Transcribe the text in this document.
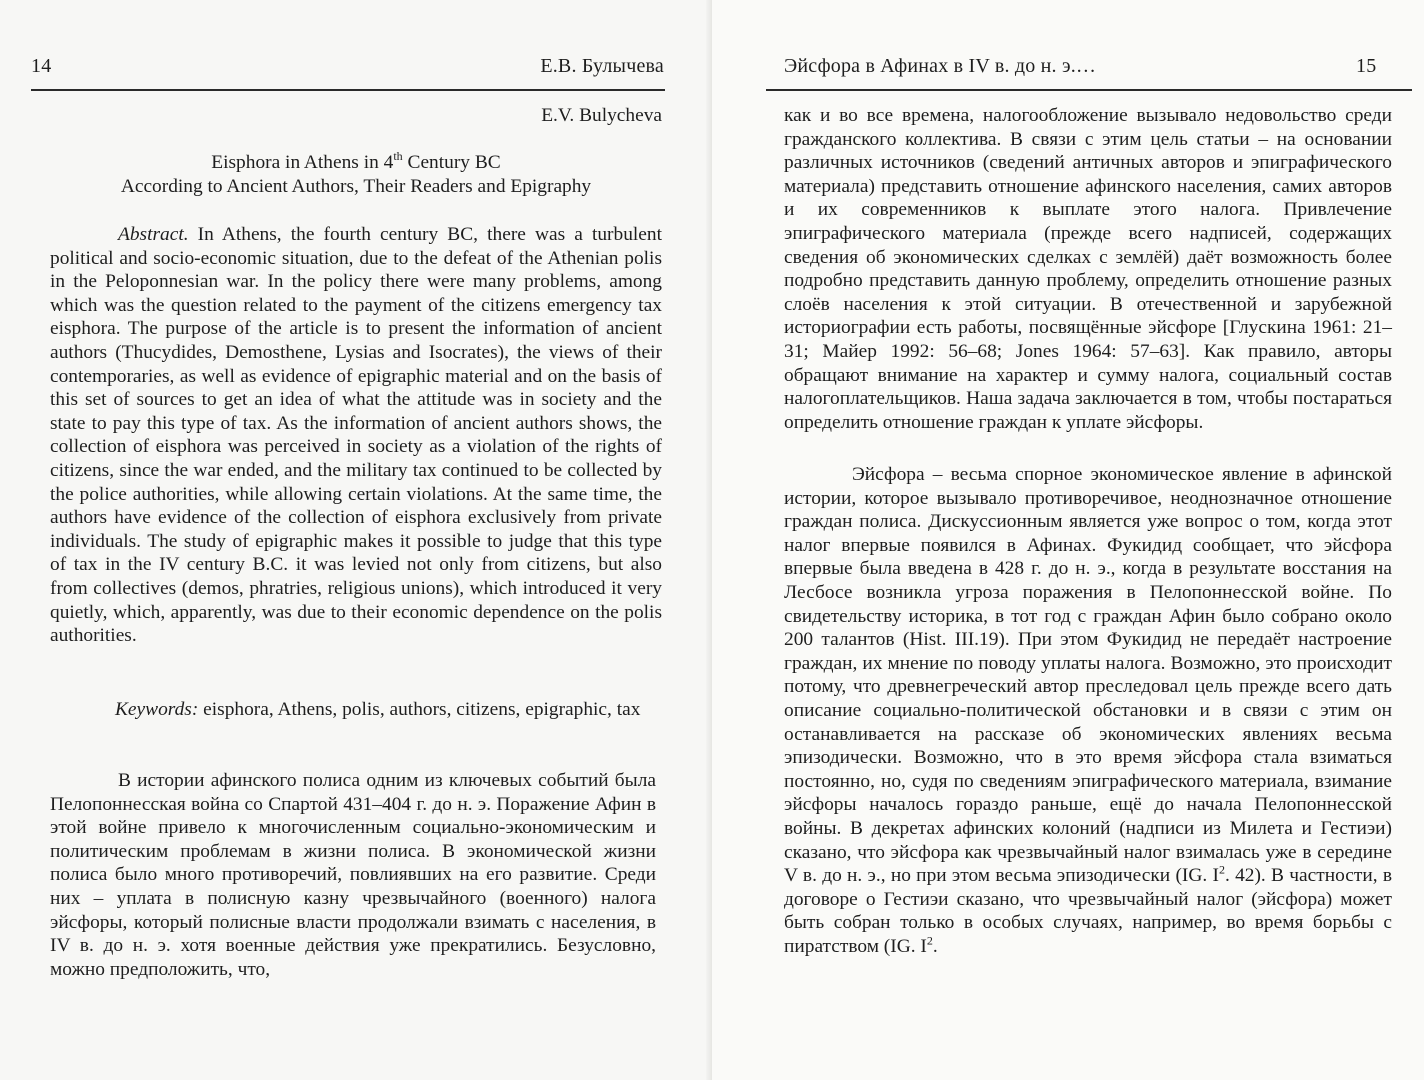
14	Е.В. Булычева
E.V. Bulycheva
Eisphora in Athens in 4th Century BC
According to Ancient Authors, Their Readers and Epigraphy

Abstract. In Athens, the fourth century BC, there was a turbulent political and socio-economic situation, due to the defeat of the Athenian polis in the Peloponnesian war. In the policy there were many problems, among which was the question related to the payment of the citizens emergency tax eisphora. The purpose of the article is to present the information of ancient authors (Thucydides, Demosthene, Lysias and Isocrates), the views of their contemporaries, as well as evidence of epigraphic material and on the basis of this set of sources to get an idea of what the attitude was in society and the state to pay this type of tax. As the information of ancient authors shows, the collection of eisphora was perceived in society as a violation of the rights of citizens, since the war ended, and the military tax continued to be collected by the police authorities, while allowing certain violations. At the same time, the authors have evidence of the collection of eisphora exclusively from private individuals. The study of epigraphic makes it possible to judge that this type of tax in the IV century B.C. it was levied not only from citizens, but also from collectives (demos, phratries, religious unions), which introduced it very quietly, which, apparently, was due to their economic dependence on the polis authorities.

Keywords: eisphora, Athens, polis, authors, citizens, epigraphic, tax

В истории афинского полиса одним из ключевых событий была Пелопоннесская война со Спартой 431–404 г. до н. э. Поражение Афин в этой войне привело к многочисленным социально-экономическим и политическим проблемам в жизни полиса. В экономической жизни полиса было много противоречий, повлиявших на его развитие. Среди них – уплата в полисную казну чрезвычайного (военного) налога эйсфоры, который полисные власти продолжали взимать с населения, в IV в. до н. э. хотя военные действия уже прекратились. Безусловно, можно предположить, что,

Эйсфора в Афинах в IV в. до н. э.…	15

как и во все времена, налогообложение вызывало недовольство среди гражданского коллектива. В связи с этим цель статьи – на основании различных источников (сведений античных авторов и эпиграфического материала) представить отношение афинского населения, самих авторов и их современников к выплате этого налога. Привлечение эпиграфического материала (прежде всего надписей, содержащих сведения об экономических сделках с землёй) даёт возможность более подробно представить данную проблему, определить отношение разных слоёв населения к этой ситуации. В отечественной и зарубежной историографии есть работы, посвящённые эйсфоре [Глускина 1961: 21–31; Майер 1992: 56–68; Jones 1964: 57–63]. Как правило, авторы обращают внимание на характер и сумму налога, социальный состав налогоплательщиков. Наша задача заключается в том, чтобы постараться определить отношение граждан к уплате эйсфоры.

Эйсфора – весьма спорное экономическое явление в афинской истории, которое вызывало противоречивое, неоднозначное отношение граждан полиса. Дискуссионным является уже вопрос о том, когда этот налог впервые появился в Афинах. Фукидид сообщает, что эйсфора впервые была введена в 428 г. до н. э., когда в результате восстания на Лесбосе возникла угроза поражения в Пелопоннесской войне. По свидетельству историка, в тот год с граждан Афин было собрано около 200 талантов (Hist. III.19). При этом Фукидид не передаёт настроение граждан, их мнение по поводу уплаты налога. Возможно, это происходит потому, что древнегреческий автор преследовал цель прежде всего дать описание социально-политической обстановки и в связи с этим он останавливается на рассказе об экономических явлениях весьма эпизодически. Возможно, что в это время эйсфора стала взиматься постоянно, но, судя по сведениям эпиграфического материала, взимание эйсфоры началось гораздо раньше, ещё до начала Пелопоннесской войны. В декретах афинских колоний (надписи из Милета и Гестиэи) сказано, что эйсфора как чрезвычайный налог взималась уже в середине V в. до н. э., но при этом весьма эпизодически (IG. $I^2$. 42). В частности, в договоре о Гестиэи сказано, что чрезвычайный налог (эйсфора) может быть собран только в особых случаях, например, во время борьбы с пиратством (IG. $I^2$.
